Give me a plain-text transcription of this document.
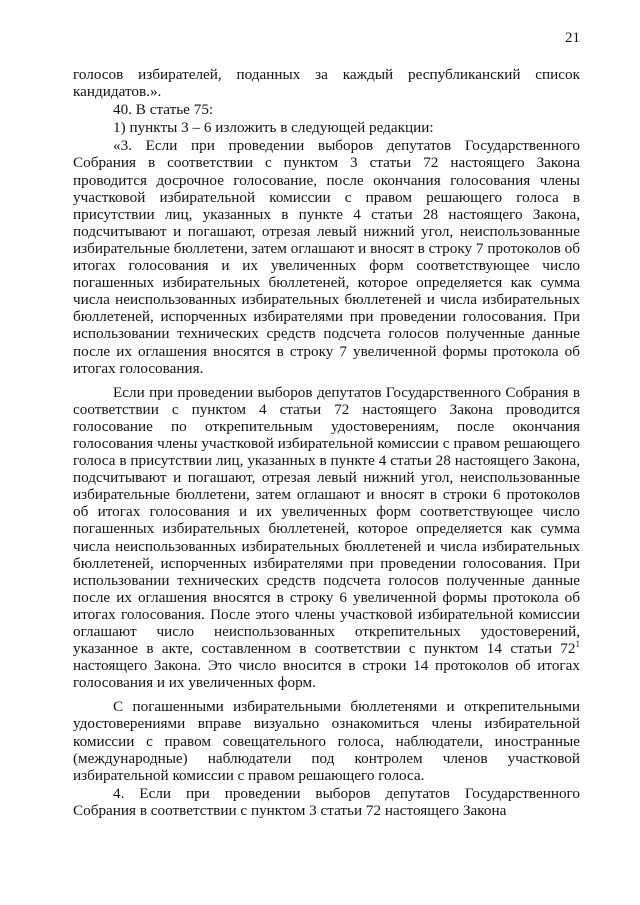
21

голосов избирателей, поданных за каждый республиканский список кандидатов.».

40. В статье 75:

1) пункты 3 – 6 изложить в следующей редакции:

«3. Если при проведении выборов депутатов Государственного Собрания в соответствии с пунктом 3 статьи 72 настоящего Закона проводится досрочное голосование, после окончания голосования члены участковой избирательной комиссии с правом решающего голоса в присутствии лиц, указанных в пункте 4 статьи 28 настоящего Закона, подсчитывают и погашают, отрезая левый нижний угол, неиспользованные избирательные бюллетени, затем оглашают и вносят в строку 7 протоколов об итогах голосования и их увеличенных форм соответствующее число погашенных избирательных бюллетеней, которое определяется как сумма числа неиспользованных избирательных бюллетеней и числа избирательных бюллетеней, испорченных избирателями при проведении голосования. При использовании технических средств подсчета голосов полученные данные после их оглашения вносятся в строку 7 увеличенной формы протокола об итогах голосования.

Если при проведении выборов депутатов Государственного Собрания в соответствии с пунктом 4 статьи 72 настоящего Закона проводится голосование по открепительным удостоверениям, после окончания голосования члены участковой избирательной комиссии с правом решающего голоса в присутствии лиц, указанных в пункте 4 статьи 28 настоящего Закона, подсчитывают и погашают, отрезая левый нижний угол, неиспользованные избирательные бюллетени, затем оглашают и вносят в строки 6 протоколов об итогах голосования и их увеличенных форм соответствующее число погашенных избирательных бюллетеней, которое определяется как сумма числа неиспользованных избирательных бюллетеней и числа избирательных бюллетеней, испорченных избирателями при проведении голосования. При использовании технических средств подсчета голосов полученные данные после их оглашения вносятся в строку 6 увеличенной формы протокола об итогах голосования. После этого члены участковой избирательной комиссии оглашают число неиспользованных открепительных удостоверений, указанное в акте, составленном в соответствии с пунктом 14 статьи $72^1$ настоящего Закона. Это число вносится в строки 14 протоколов об итогах голосования и их увеличенных форм.

С погашенными избирательными бюллетенями и открепительными удостоверениями вправе визуально ознакомиться члены избирательной комиссии с правом совещательного голоса, наблюдатели, иностранные (международные) наблюдатели под контролем членов участковой избирательной комиссии с правом решающего голоса.

4. Если при проведении выборов депутатов Государственного Собрания в соответствии с пунктом 3 статьи 72 настоящего Закона
